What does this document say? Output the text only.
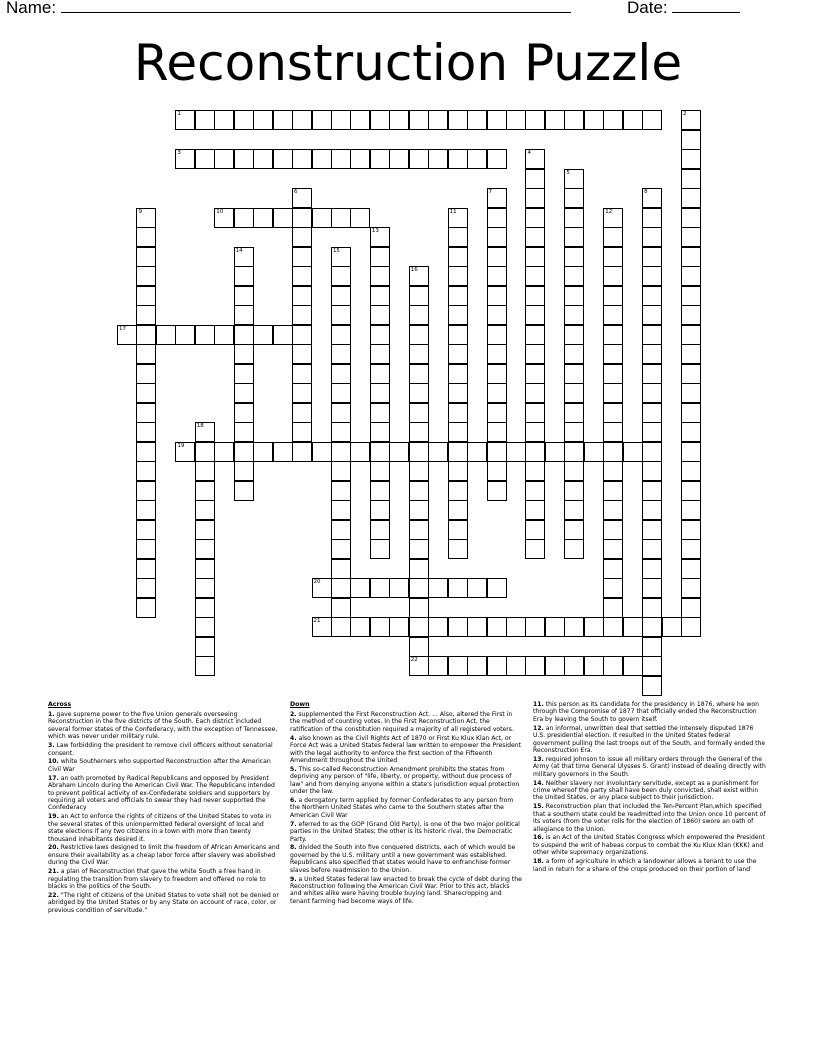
Name:	Date:
Reconstruction Puzzle
1	2
3	4
5
6	7	8
9	10	11	12
13
14	15
16
22
17
18
19
20
21
Across
1. gave supreme power to the five Union generals overseeing Reconstruction in the five districts of the South. Each district included several former states of the Confederacy, with the exception of Tennessee, which was never under military rule.
3. Law forbidding the president to remove civil officers without senatorial consent.
10. white Southerners who supported Reconstruction after the American Civil War
17. an oath promoted by Radical Republicans and opposed by President Abraham Lincoln during the American Civil War. The Republicans intended to prevent political activity of ex-Confederate soldiers and supporters by requiring all voters and officials to swear they had never supported the Confederacy
19. an Act to enforce the rights of citizens of the United States to vote in the several states of this unionpermitted federal oversight of local and state elections if any two citizens in a town with more than twenty thousand inhabitants desired it.
20. Restrictive laws designed to limit the freedom of African Americans and ensure their availability as a cheap labor force after slavery was abolished during the Civil War.
21. a plan of Reconstruction that gave the white South a free hand in regulating the transition from slavery to freedom and offered no role to blacks in the politics of the South.
22. "The right of citizens of the United States to vote shall not be denied or abridged by the United States or by any State on account of race, color, or previous condition of servitude."
Down
2. supplemented the First Reconstruction Act. ... Also, altered the First in the method of counting votes. In the First Reconstruction Act, the ratification of the constitution required a majority of all registered voters.
4. also known as the Civil Rights Act of 1870 or First Ku Klux Klan Act, or Force Act was a United States federal law written to empower the President with the legal authority to enforce the first section of the Fifteenth Amendment throughout the United
5. This so-called Reconstruction Amendment prohibits the states from depriving any person of "life, liberty, or property, without due process of law" and from denying anyone within a state's jurisdiction equal protection under the law.
6. a derogatory term applied by former Confederates to any person from the Northern United States who came to the Southern states after the American Civil War
7. eferred to as the GOP (Grand Old Party), is one of the two major political parties in the United States; the other is its historic rival, the Democratic Party.
8. divided the South into five conquered districts, each of which would be governed by the U.S. military until a new government was established. Republicans also specified that states would have to enfranchise former slaves before readmission to the Union.
9. a United States federal law enacted to break the cycle of debt during the Reconstruction following the American Civil War. Prior to this act, blacks and whites alike were having trouble buying land. Sharecropping and tenant farming had become ways of life.
11. this person as its candidate for the presidency in 1876, where he won through the Compromise of 1877 that officially ended the Reconstruction Era by leaving the South to govern itself.
12. an informal, unwritten deal that settled the intensely disputed 1876 U.S. presidential election. It resulted in the United States federal government pulling the last troops out of the South, and formally ended the Reconstruction Era.
13. required Johnson to issue all military orders through the General of the Army (at that time General Ulysses S. Grant) instead of dealing directly with military governors in the South.
14. Neither slavery nor involuntary servitude, except as a punishment for crime whereof the party shall have been duly convicted, shall exist within the United States, or any place subject to their jurisdiction.
15. Reconstruction plan that included the Ten-Percent Plan,which specified that a southern state could be readmitted into the Union once 10 percent of its voters (from the voter rolls for the election of 1860) swore an oath of allegiance to the Union.
16. is an Act of the United States Congress which empowered the President to suspend the writ of habeas corpus to combat the Ku Klux Klan (KKK) and other white supremacy organizations.
18. a form of agriculture in which a landowner allows a tenant to use the land in return for a share of the crops produced on their portion of land
